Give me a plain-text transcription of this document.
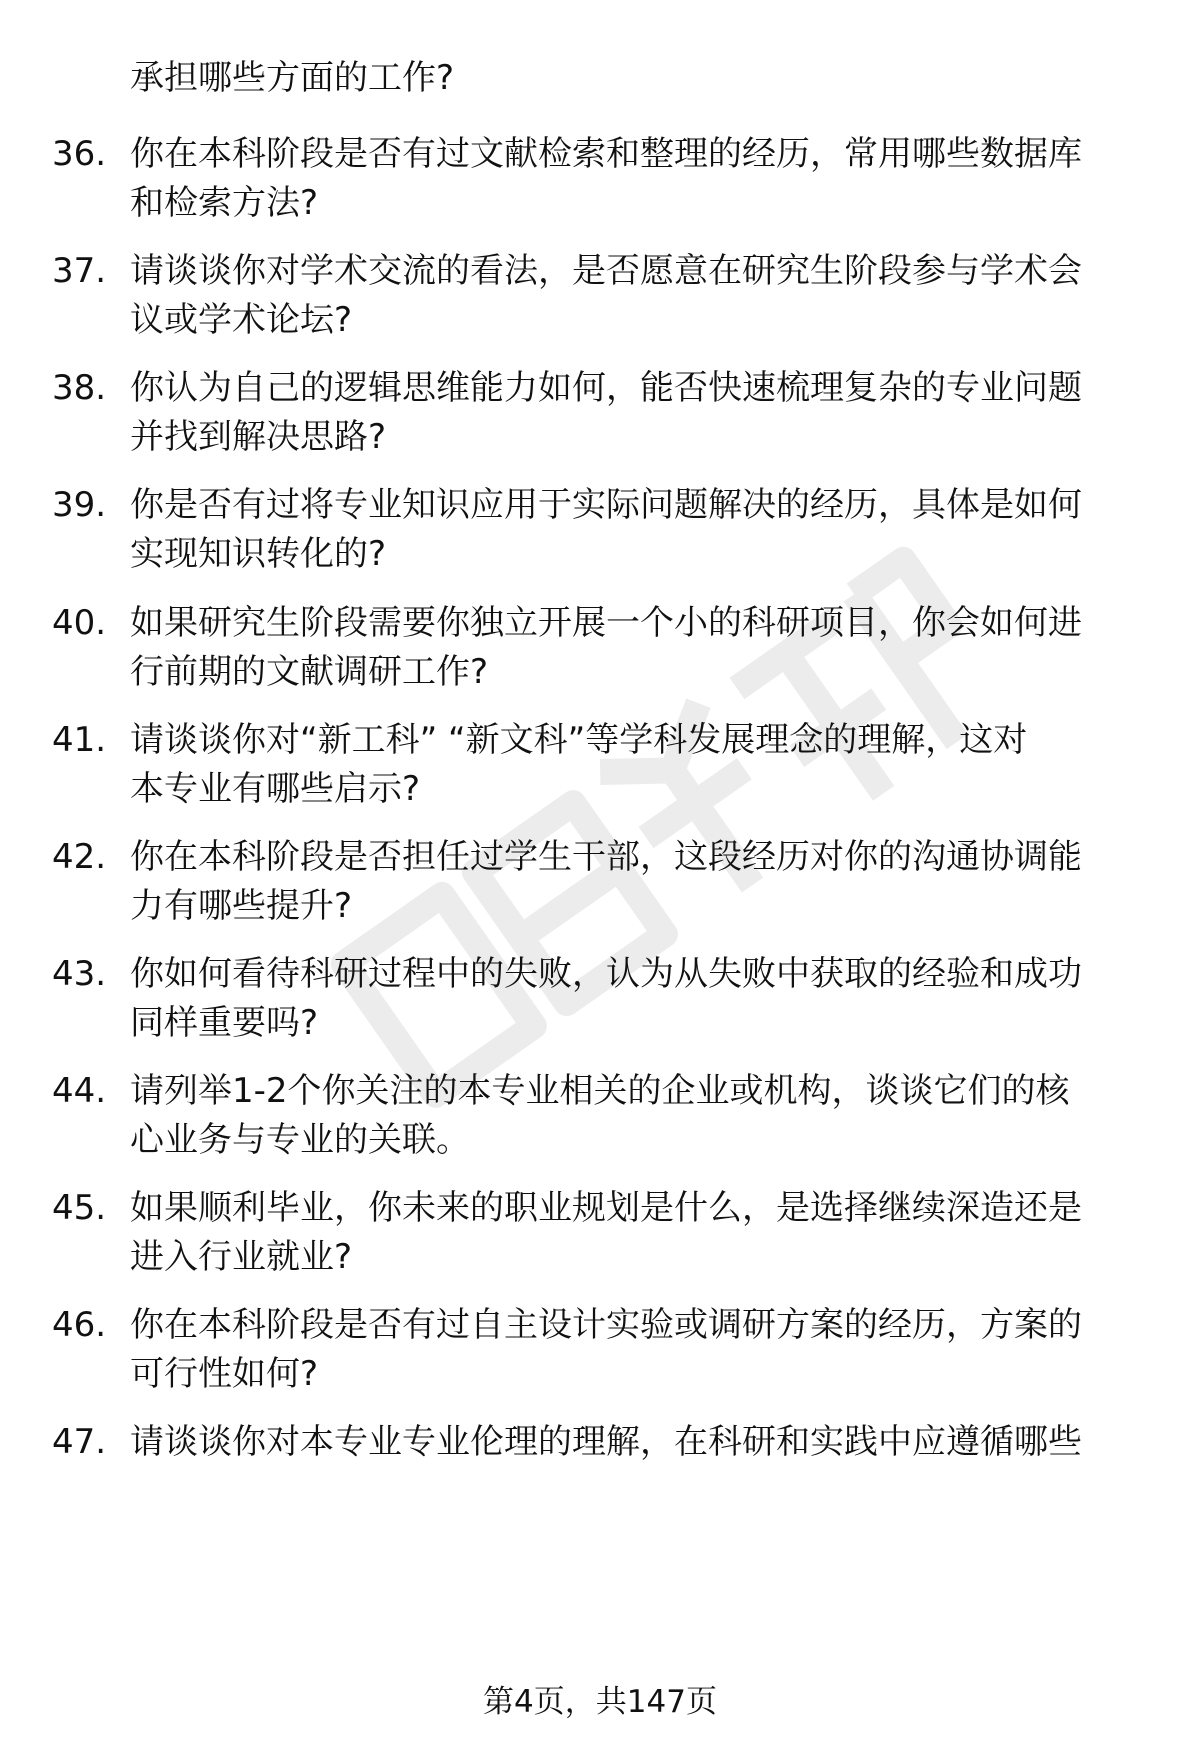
承担哪些方面的工作?
36. 你在本科阶段是否有过文献检索和整理的经历，常用哪些数据库
和检索方法?
37. 请谈谈你对学术交流的看法，是否愿意在研究生阶段参与学术会
议或学术论坛?
38. 你认为自己的逻辑思维能力如何，能否快速梳理复杂的专业问题
并找到解决思路?
39. 你是否有过将专业知识应用于实际问题解决的经历，具体是如何
实现知识转化的?
40. 如果研究生阶段需要你独立开展一个小的科研项目，你会如何进
行前期的文献调研工作?
41. 请谈谈你对“新工科” “新文科”等学科发展理念的理解，这对
本专业有哪些启示?
42. 你在本科阶段是否担任过学生干部，这段经历对你的沟通协调能
力有哪些提升?
43. 你如何看待科研过程中的失败，认为从失败中获取的经验和成功
同样重要吗?
44. 请列举1-2个你关注的本专业相关的企业或机构，谈谈它们的核
心业务与专业的关联。
45. 如果顺利毕业，你未来的职业规划是什么，是选择继续深造还是
进入行业就业?
46. 你在本科阶段是否有过自主设计实验或调研方案的经历，方案的
可行性如何?
47. 请谈谈你对本专业专业伦理的理解，在科研和实践中应遵循哪些
第4页，共147页
